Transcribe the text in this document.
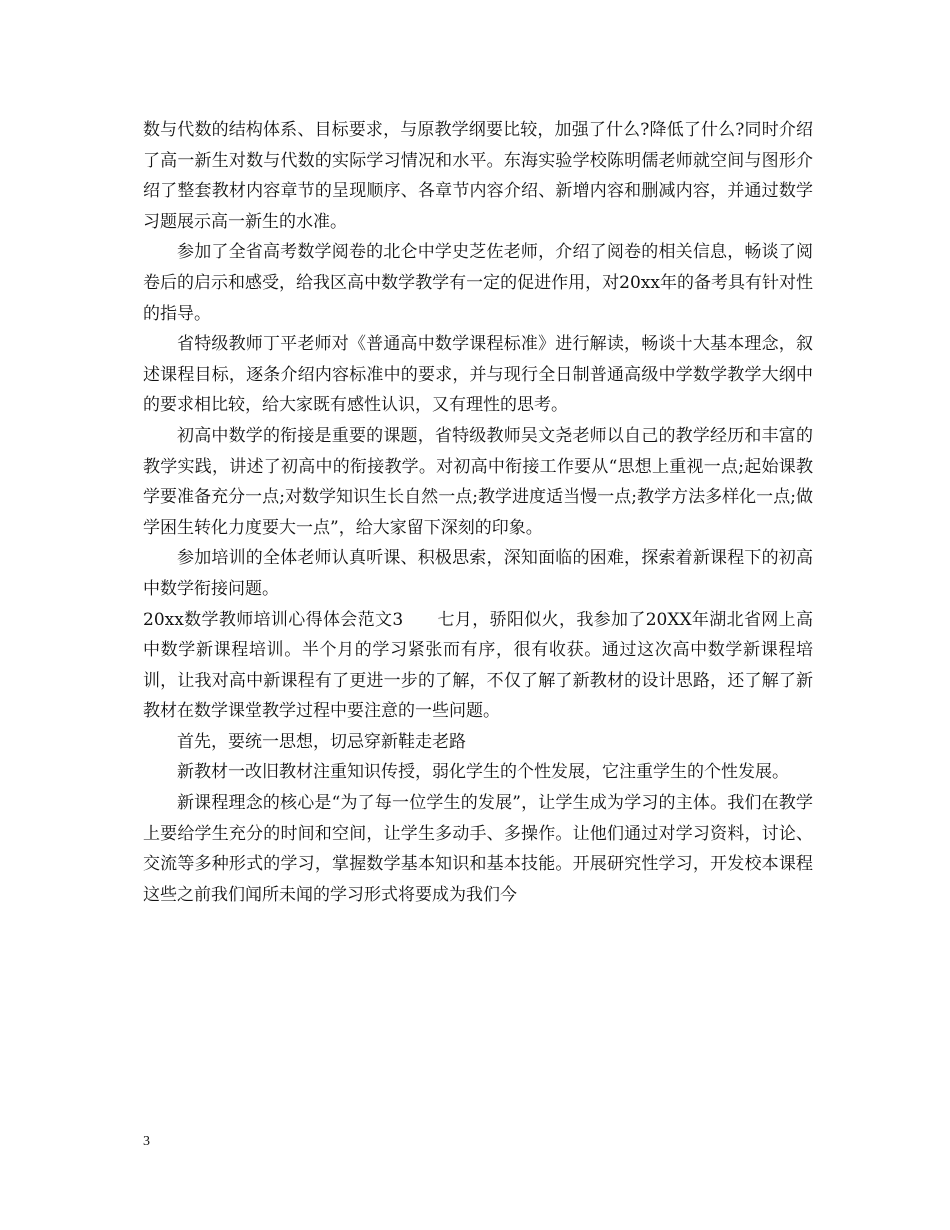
数与代数的结构体系、目标要求，与原教学纲要比较，加强了什么?降低了什么?同时介绍了高一新生对数与代数的实际学习情况和水平。东海实验学校陈明儒老师就空间与图形介绍了整套教材内容章节的呈现顺序、各章节内容介绍、新增内容和删减内容，并通过数学习题展示高一新生的水准。

参加了全省高考数学阅卷的北仑中学史芝佐老师，介绍了阅卷的相关信息，畅谈了阅卷后的启示和感受，给我区高中数学教学有一定的促进作用，对20xx年的备考具有针对性的指导。

省特级教师丁平老师对《普通高中数学课程标准》进行解读，畅谈十大基本理念，叙述课程目标，逐条介绍内容标准中的要求，并与现行全日制普通高级中学数学教学大纲中的要求相比较，给大家既有感性认识，又有理性的思考。

初高中数学的衔接是重要的课题，省特级教师吴文尧老师以自己的教学经历和丰富的教学实践，讲述了初高中的衔接教学。对初高中衔接工作要从“思想上重视一点;起始课教学要准备充分一点;对数学知识生长自然一点;教学进度适当慢一点;教学方法多样化一点;做学困生转化力度要大一点”，给大家留下深刻的印象。

参加培训的全体老师认真听课、积极思索，深知面临的困难，探索着新课程下的初高中数学衔接问题。

20xx数学教师培训心得体会范文3 七月，骄阳似火，我参加了20XX年湖北省网上高中数学新课程培训。半个月的学习紧张而有序，很有收获。通过这次高中数学新课程培训，让我对高中新课程有了更进一步的了解，不仅了解了新教材的设计思路，还了解了新教材在数学课堂教学过程中要注意的一些问题。

首先，要统一思想，切忌穿新鞋走老路

新教材一改旧教材注重知识传授，弱化学生的个性发展，它注重学生的个性发展。

新课程理念的核心是“为了每一位学生的发展”，让学生成为学习的主体。我们在教学上要给学生充分的时间和空间，让学生多动手、多操作。让他们通过对学习资料，讨论、交流等多种形式的学习，掌握数学基本知识和基本技能。开展研究性学习，开发校本课程这些之前我们闻所未闻的学习形式将要成为我们今

3
